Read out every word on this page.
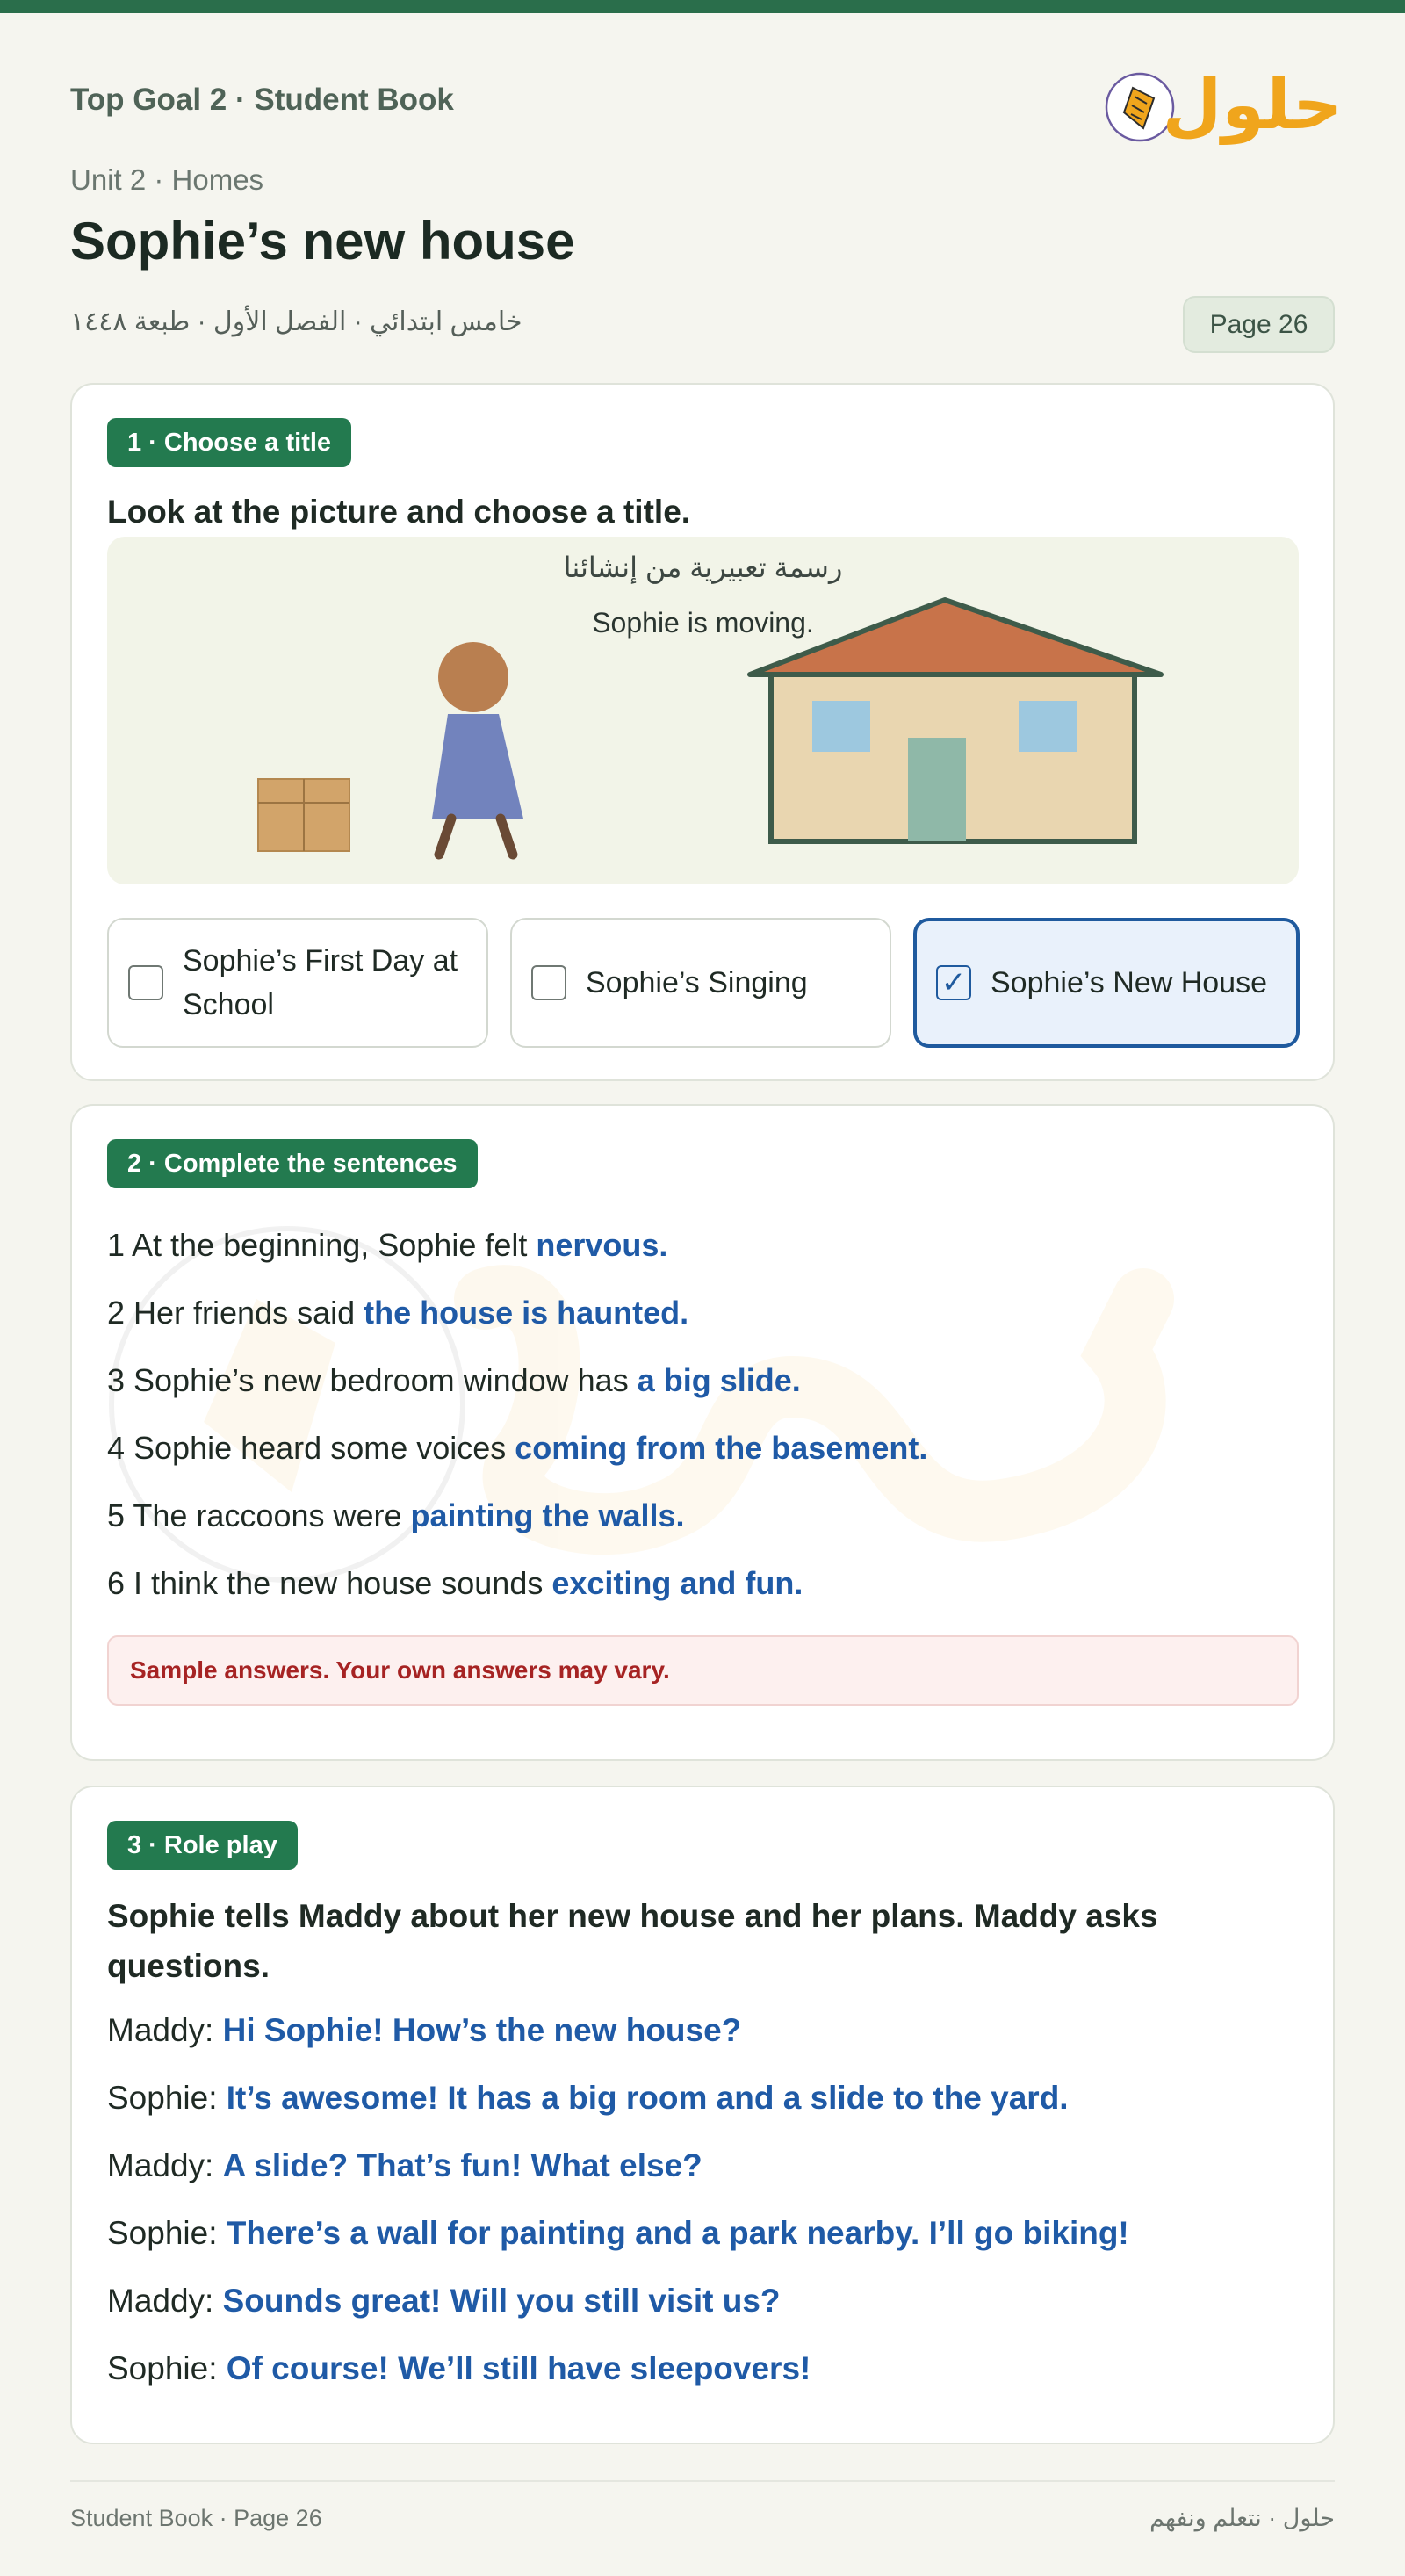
Top Goal 2 · Student Book	حلول
Unit 2 · Homes
Sophie’s new house
خامس ابتدائي · الفصل الأول · طبعة ١٤٤٨	Page 26
1 · Choose a title
Look at the picture and choose a title.
رسمة تعبيرية من إنشائنا
Sophie is moving.
Sophie’s First Day at School
Sophie’s Singing	✓ Sophie’s New House
2 · Complete the sentences
1 At the beginning, Sophie felt nervous.
2 Her friends said the house is haunted.
3 Sophie’s new bedroom window has a big slide.
4 Sophie heard some voices coming from the basement.
5 The raccoons were painting the walls.
6 I think the new house sounds exciting and fun.
Sample answers. Your own answers may vary.
3 · Role play
Sophie tells Maddy about her new house and her plans. Maddy asks questions.
Maddy: Hi Sophie! How’s the new house?
Sophie: It’s awesome! It has a big room and a slide to the yard.
Maddy: A slide? That’s fun! What else?
Sophie: There’s a wall for painting and a park nearby. I’ll go biking!
Maddy: Sounds great! Will you still visit us?
Sophie: Of course! We’ll still have sleepovers!
Student Book · Page 26	حلول · نتعلم ونفهم
